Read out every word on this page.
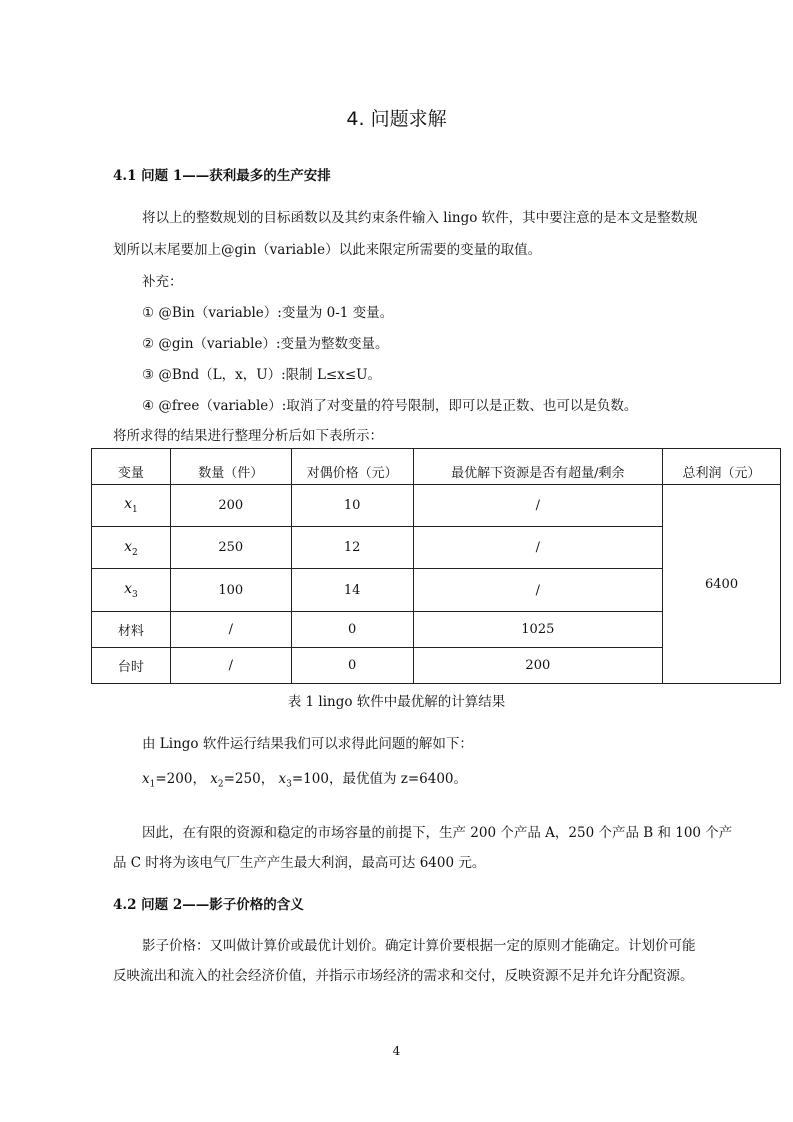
4. 问题求解
4.1 问题 1——获利最多的生产安排
将以上的整数规划的目标函数以及其约束条件输入 lingo 软件，其中要注意的是本文是整数规
划所以末尾要加上@gin（variable）以此来限定所需要的变量的取值。
补充：
① @Bin（variable）:变量为 0-1 变量。
② @gin（variable）:变量为整数变量。
③ @Bnd（L，x，U）:限制 L≤x≤U。
④ @free（variable）:取消了对变量的符号限制，即可以是正数、也可以是负数。
将所求得的结果进行整理分析后如下表所示：
变量	数量（件）	对偶价格（元）	最优解下资源是否有超量/剩余	总利润（元）
$x_1$	200	10	/	6400
$x_2$	250	12	/	
$x_3$	100	14	/	
材料	/	0	1025	
台时	/	0	200	
表 1 lingo 软件中最优解的计算结果
由 Lingo 软件运行结果我们可以求得此问题的解如下：
$x_1=200$， $x_2=250$， $x_3=100$，最优值为 z=6400。
因此，在有限的资源和稳定的市场容量的前提下，生产 200 个产品 A，250 个产品 B 和 100 个产
品 C 时将为该电气厂生产产生最大利润，最高可达 6400 元。
4.2 问题 2——影子价格的含义
影子价格：又叫做计算价或最优计划价。确定计算价要根据一定的原则才能确定。计划价可能
反映流出和流入的社会经济价值，并指示市场经济的需求和交付，反映资源不足并允许分配资源。
4
